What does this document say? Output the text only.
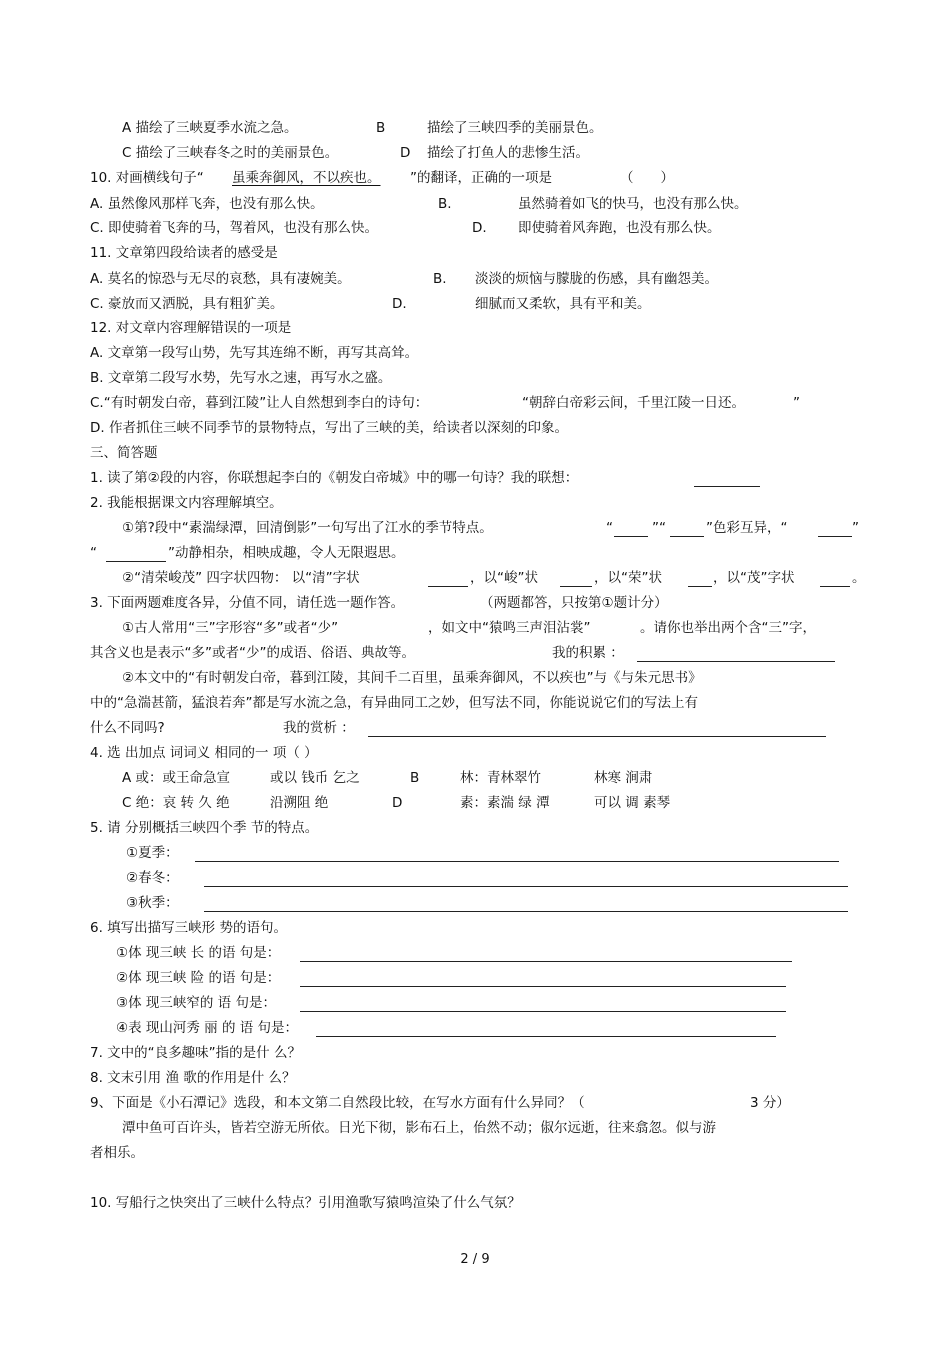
A 描绘了三峡夏季水流之急。	B	描绘了三峡四季的美丽景色。
C 描绘了三峡春冬之时的美丽景色。	D 描绘了打鱼人的悲惨生活。
10. 对画横线句子“ 虽乘奔御风，不以疾也。 ”的翻译，正确的一项是	（　　）
A. 虽然像风那样飞奔，也没有那么快。	B.	虽然骑着如飞的快马，也没有那么快。
C. 即使骑着飞奔的马，驾着风，也没有那么快。	D. 即使骑着风奔跑，也没有那么快。
11. 文章第四段给读者的感受是
A. 莫名的惊恐与无尽的哀愁，具有凄婉美。	B. 淡淡的烦恼与朦胧的伤感，具有幽怨美。
C. 豪放而又洒脱，具有粗犷美。	D.	细腻而又柔软，具有平和美。
12. 对文章内容理解错误的一项是
A. 文章第一段写山势，先写其连绵不断，再写其高耸。
B. 文章第二段写水势，先写水之速，再写水之盛。
C.“有时朝发白帝，暮到江陵”让人自然想到李白的诗句：	“朝辞白帝彩云间，千里江陵一日还。	”
D. 作者抓住三峡不同季节的景物特点，写出了三峡的美，给读者以深刻的印象。
三、简答题
1. 读了第②段的内容，你联想起李白的《朝发白帝城》中的哪一句诗？我的联想：
2. 我能根据课文内容理解填空。
①第?段中“素湍绿潭，回清倒影”一句写出了江水的季节特点。	“	”“	”色彩互异，“	”
“	”动静相杂，相映成趣，令人无限遐思。
②“清荣峻茂” 四字状四物： 以“清”字状	，以“峻”状	，以“荣”状	，以“茂”字状	。
3. 下面两题难度各异，分值不同，请任选一题作答。	（两题都答，只按第①题计分）
①古人常用“三”字形容“多”或者“少”	，如文中“猿鸣三声泪沾裳”	。请你也举出两个含“三”字，
其含义也是表示“多”或者“少”的成语、俗语、典故等。	我的积累 ：
②本文中的“有时朝发白帝，暮到江陵，其间千二百里，虽乘奔御风，不以疾也”与《与朱元思书》
中的“急湍甚箭，猛浪若奔”都是写水流之急，有异曲同工之妙，但写法不同，你能说说它们的写法上有
什么不同吗?	我的赏析 ：
4. 选 出加点 词词义 相同的一 项（ ）
A 或：或王命急宣	或以 钱币 乞之	B	林：青林翠竹	林寒 涧肃
C 绝：哀 转 久 绝	沿溯阻 绝	D	素：素湍 绿 潭	可以 调 素琴
5. 请 分别概括三峡四个季 节的特点。
①夏季：
②春冬：
③秋季：
6. 填写出描写三峡形 势的语句。
①体 现三峡 长 的语 句是：
②体 现三峡 险 的语 句是：
③体 现三峡窄的 语 句是：
④表 现山河秀 丽 的 语 句是：
7. 文中的“良多趣味”指的是什 么？
8. 文末引用 渔 歌的作用是什 么？
9、下面是《小石潭记》选段，和本文第二自然段比较，在写水方面有什么异同？（	3 分）
潭中鱼可百许头，皆若空游无所依。日光下彻，影布石上，佁然不动；俶尔远逝，往来翕忽。似与游
者相乐。
10. 写船行之快突出了三峡什么特点？引用渔歌写猿鸣渲染了什么气氛？
2 / 9
